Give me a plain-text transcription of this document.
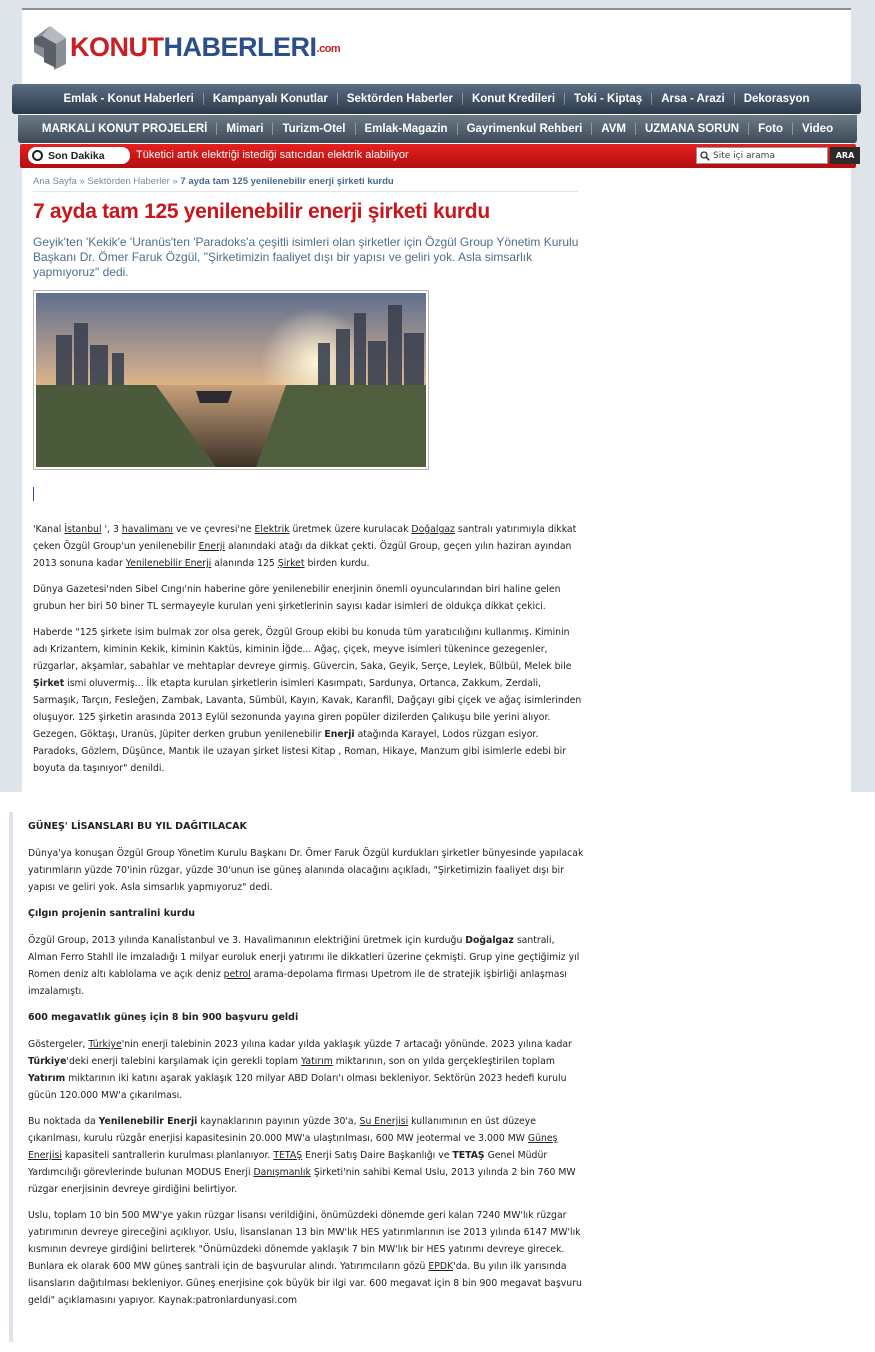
KONUTHABERLERI.com
Emlak - Konut Haberleri	Kampanyalı Konutlar	Sektörden Haberler	Konut Kredileri	Toki - Kiptaş	Arsa - Arazi	Dekorasyon
MARKALI KONUT PROJELERİ	Mimari	Turizm-Otel	Emlak-Magazin	Gayrimenkul Rehberi	AVM	UZMANA SORUN	Foto	Video
Son Dakika	Tüketici artık elektriği istediği satıcıdan elektrik alabiliyor	Site içi arama	ARA
Ana Sayfa » Sektörden Haberler » 7 ayda tam 125 yenilenebilir enerji şirketi kurdu
7 ayda tam 125 yenilenebilir enerji şirketi kurdu

Geyik'ten 'Kekik'e 'Uranüs'ten 'Paradoks'a çeşitli isimleri olan şirketler için Özgül Group Yönetim Kurulu Başkanı Dr. Ömer Faruk Özgül, "Şirketimizin faaliyet dışı bir yapısı ve geliri yok. Asla simsarlık yapmıyoruz" dedi.

'Kanal İstanbul ', 3 havalimanı ve ve çevresi'ne Elektrik üretmek üzere kurulacak Doğalgaz santralı yatırımıyla dikkat çeken Özgül Group'un yenilenebilir Enerji alanındaki atağı da dikkat çekti. Özgül Group, geçen yılın haziran ayından 2013 sonuna kadar Yenilenebilir Enerji alanında 125 Şirket birden kurdu.

Dünya Gazetesi'nden Sibel Cıngı'nin haberine göre yenilenebilir enerjinin önemli oyuncularından biri haline gelen grubun her biri 50 biner TL sermayeyle kurulan yeni şirketlerinin sayısı kadar isimleri de oldukça dikkat çekici.

Haberde "125 şirkete isim bulmak zor olsa gerek, Özgül Group ekibi bu konuda tüm yaratıcılığını kullanmış. Kiminin adı Krizantem, kiminin Kekik, kiminin Kaktüs, kiminin İğde... Ağaç, çiçek, meyve isimleri tükenince gezegenler, rüzgarlar, akşamlar, sabahlar ve mehtaplar devreye girmiş. Güvercin, Saka, Geyik, Serçe, Leylek, Bülbül, Melek bile Şirket ismi oluvermiş... İlk etapta kurulan şirketlerin isimleri Kasımpatı, Sardunya, Ortanca, Zakkum, Zerdali, Sarmaşık, Tarçın, Fesleğen, Zambak, Lavanta, Sümbül, Kayın, Kavak, Karanfil, Dağçayı gibi çiçek ve ağaç isimlerinden oluşuyor. 125 şirketin arasında 2013 Eylül sezonunda yayına giren popüler dizilerden Çalıkuşu bile yerini alıyor. Gezegen, Göktaşı, Uranüs, Jüpiter derken grubun yenilenebilir Enerji atağında Karayel, Lodos rüzgarı esiyor. Paradoks, Gözlem, Düşünce, Mantık ile uzayan şirket listesi Kitap , Roman, Hikaye, Manzum gibi isimlerle edebi bir boyuta da taşınıyor" denildi.

GÜNEŞ' LİSANSLARI BU YIL DAĞITILACAK

Dünya'ya konuşan Özgül Group Yönetim Kurulu Başkanı Dr. Ömer Faruk Özgül kurdukları şirketler bünyesinde yapılacak yatırımların yüzde 70'inin rüzgar, yüzde 30'unun ise güneş alanında olacağını açıkladı, "Şirketimizin faaliyet dışı bir yapısı ve geliri yok. Asla simsarlık yapmıyoruz" dedi.

Çılgın projenin santralini kurdu

Özgül Group, 2013 yılında Kanalİstanbul ve 3. Havalimanının elektriğini üretmek için kurduğu Doğalgaz santrali, Alman Ferro Stahll ile imzaladığı 1 milyar euroluk enerji yatırımı ile dikkatleri üzerine çekmişti. Grup yine geçtiğimiz yıl Romen deniz altı kablolama ve açık deniz petrol arama-depolama firması Upetrom ile de stratejik işbirliği anlaşması imzalamıştı.

600 megavatlık güneş için 8 bin 900 başvuru geldi

Göstergeler, Türkiye'nin enerji talebinin 2023 yılına kadar yılda yaklaşık yüzde 7 artacağı yönünde. 2023 yılına kadar Türkiye'deki enerji talebini karşılamak için gerekli toplam Yatırım miktarının, son on yılda gerçekleştirilen toplam Yatırım miktarının iki katını aşarak yaklaşık 120 milyar ABD Doları'ı olması bekleniyor. Sektörün 2023 hedefi kurulu gücün 120.000 MW'a çıkarılması.

Bu noktada da Yenilenebilir Enerji kaynaklarının payının yüzde 30'a, Su Enerjisi kullanımının en üst düzeye çıkarılması, kurulu rüzgâr enerjisi kapasitesinin 20.000 MW'a ulaştırılması, 600 MW jeotermal ve 3.000 MW Güneş Enerjisi kapasiteli santrallerin kurulması planlanıyor. TETAŞ Enerji Satış Daire Başkanlığı ve TETAŞ Genel Müdür Yardımcılığı görevlerinde bulunan MODUS Enerji Danışmanlık Şirketi'nin sahibi Kemal Uslu, 2013 yılında 2 bin 760 MW rüzgar enerjisinin devreye girdiğini belirtiyor.

Uslu, toplam 10 bin 500 MW'ye yakın rüzgar lisansı verildiğini, önümüzdeki dönemde geri kalan 7240 MW'lık rüzgar yatırımının devreye gireceğini açıklıyor. Uslu, lisanslanan 13 bin MW'lık HES yatırımlarının ise 2013 yılında 6147 MW'lık kısmının devreye girdiğini belirterek "Önümüzdeki dönemde yaklaşık 7 bin MW'lık bir HES yatırımı devreye girecek. Bunlara ek olarak 600 MW güneş santrali için de başvurular alındı. Yatırımcıların gözü EPDK'da. Bu yılın ilk yarısında lisansların dağıtılması bekleniyor. Güneş enerjisine çok büyük bir ilgi var. 600 megavat için 8 bin 900 megavat başvuru geldi" açıklamasını yapıyor. Kaynak:patronlardunyasi.com
